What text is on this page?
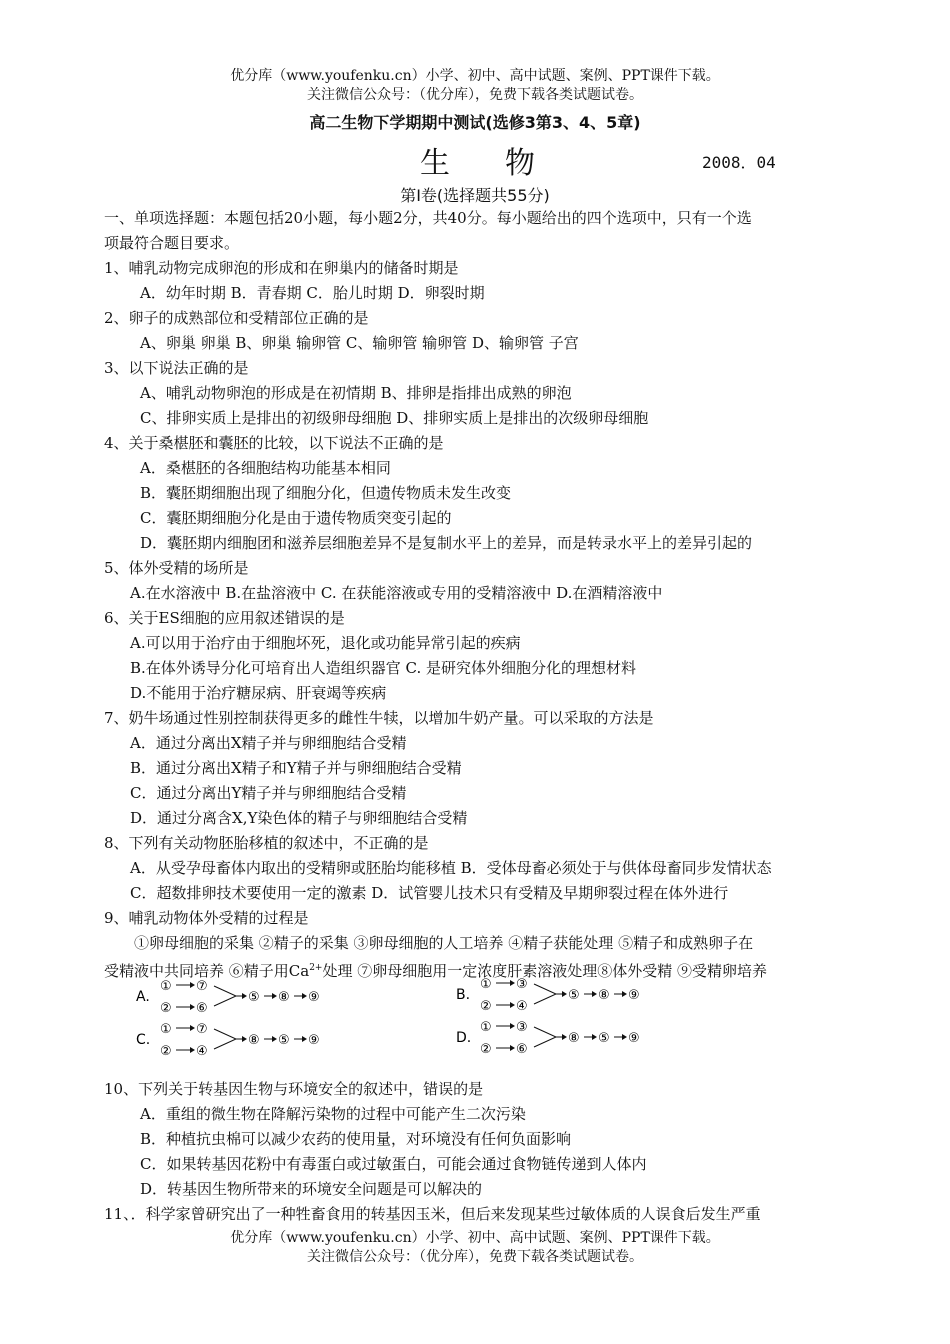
优分库（www.youfenku.cn）小学、初中、高中试题、案例、PPT课件下载。
关注微信公众号：（优分库），免费下载各类试题试卷。
高二生物下学期期中测试(选修3第3、4、5章)
生 物	2008．04
第Ⅰ卷(选择题共55分)
一、单项选择题：本题包括20小题，每小题2分，共40分。每小题给出的四个选项中，只有一个选
项最符合题目要求。
1、哺乳动物完成卵泡的形成和在卵巢内的储备时期是
A．幼年时期 B．青春期 C．胎儿时期 D．卵裂时期
2、卵子的成熟部位和受精部位正确的是
A、卵巢 卵巢 B、卵巢 输卵管 C、输卵管 输卵管 D、输卵管 子宫
3、以下说法正确的是
A、哺乳动物卵泡的形成是在初情期 B、排卵是指排出成熟的卵泡
C、排卵实质上是排出的初级卵母细胞 D、排卵实质上是排出的次级卵母细胞
4、关于桑椹胚和囊胚的比较，以下说法不正确的是
A．桑椹胚的各细胞结构功能基本相同
B．囊胚期细胞出现了细胞分化，但遗传物质未发生改变
C．囊胚期细胞分化是由于遗传物质突变引起的
D．囊胚期内细胞团和滋养层细胞差异不是复制水平上的差异，而是转录水平上的差异引起的
5、体外受精的场所是
A.在水溶液中 B.在盐溶液中 C. 在获能溶液或专用的受精溶液中 D.在酒精溶液中
6、关于ES细胞的应用叙述错误的是
A.可以用于治疗由于细胞坏死，退化或功能异常引起的疾病
B.在体外诱导分化可培育出人造组织器官 C. 是研究体外细胞分化的理想材料
D.不能用于治疗糖尿病、肝衰竭等疾病
7、奶牛场通过性别控制获得更多的雌性牛犊，以增加牛奶产量。可以采取的方法是
A．通过分离出X精子并与卵细胞结合受精
B．通过分离出X精子和Y精子并与卵细胞结合受精
C．通过分离出Y精子并与卵细胞结合受精
D．通过分离含X,Y染色体的精子与卵细胞结合受精
8、下列有关动物胚胎移植的叙述中，不正确的是
A．从受孕母畜体内取出的受精卵或胚胎均能移植 B．受体母畜必须处于与供体母畜同步发情状态
C．超数排卵技术要使用一定的激素 D．试管婴儿技术只有受精及早期卵裂过程在体外进行
9、哺乳动物体外受精的过程是
①卵母细胞的采集 ②精子的采集 ③卵母细胞的人工培养 ④精子获能处理 ⑤精子和成熟卵子在
受精液中共同培养 ⑥精子用$Ca^{2+}$处理 ⑦卵母细胞用一定浓度肝素溶液处理⑧体外受精 ⑨受精卵培养
A.
① ⑦
② ⑥
⑤ ⑧ ⑨	B.
① ③
② ④
⑤ ⑧ ⑨
C.
① ⑦
② ④
⑧ ⑤ ⑨	D.
① ③
② ⑥
⑧ ⑤ ⑨
10、下列关于转基因生物与环境安全的叙述中，错误的是
A．重组的微生物在降解污染物的过程中可能产生二次污染
B．种植抗虫棉可以减少农药的使用量，对环境没有任何负面影响
C．如果转基因花粉中有毒蛋白或过敏蛋白，可能会通过食物链传递到人体内
D．转基因生物所带来的环境安全问题是可以解决的
11、．科学家曾研究出了一种牲畜食用的转基因玉米，但后来发现某些过敏体质的人误食后发生严重
优分库（www.youfenku.cn）小学、初中、高中试题、案例、PPT课件下载。
关注微信公众号：（优分库），免费下载各类试题试卷。
